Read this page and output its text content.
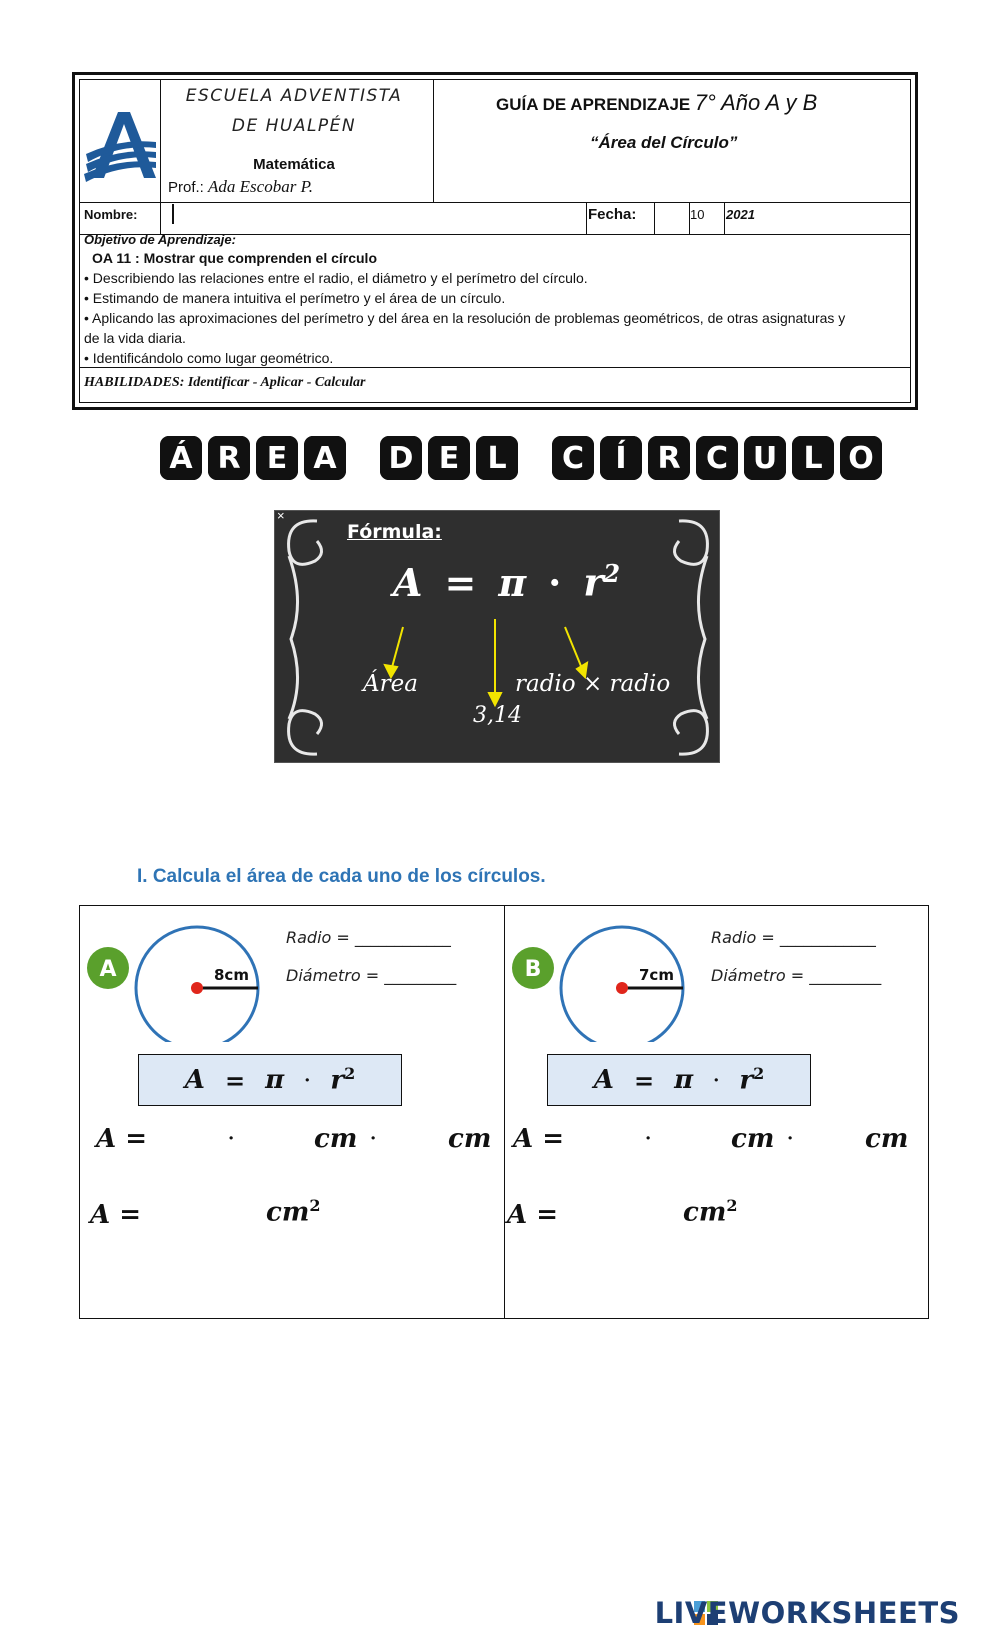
ESCUELA ADVENTISTA
DE HUALPÉN
Matemática
Prof.: Ada Escobar P.
GUÍA DE APRENDIZAJE 7° Año A y B
“Área del Círculo”
Nombre:	Fecha:	10 2021
Objetivo de Aprendizaje:
OA 11 : Mostrar que comprenden el círculo
• Describiendo las relaciones entre el radio, el diámetro y el perímetro del círculo.
• Estimando de manera intuitiva el perímetro y el área de un círculo.
• Aplicando las aproximaciones del perímetro y del área en la resolución de problemas geométricos, de otras asignaturas y
de la vida diaria.
• Identificándolo como lugar geométrico.
HABILIDADES: Identificar - Aplicar - Calcular
Á R E A	D E L	C	Í	R C U L O
×
Fórmula:
$A = \pi \cdot r^2$
Área
3,14
radio × radio
I. Calcula el área de cada uno de los círculos.
A	8cm
Radio = ____________
Diámetro = _________
$A = \pi \cdot r^2$
A =	·	cm ·	cm
A =	$cm^2$
B	7cm
Radio = ____________
Diámetro = _________
$A = \pi \cdot r^2$
A =	·	cm ·	cm
A =	$cm^2$
LIVEWORKSHEETS
